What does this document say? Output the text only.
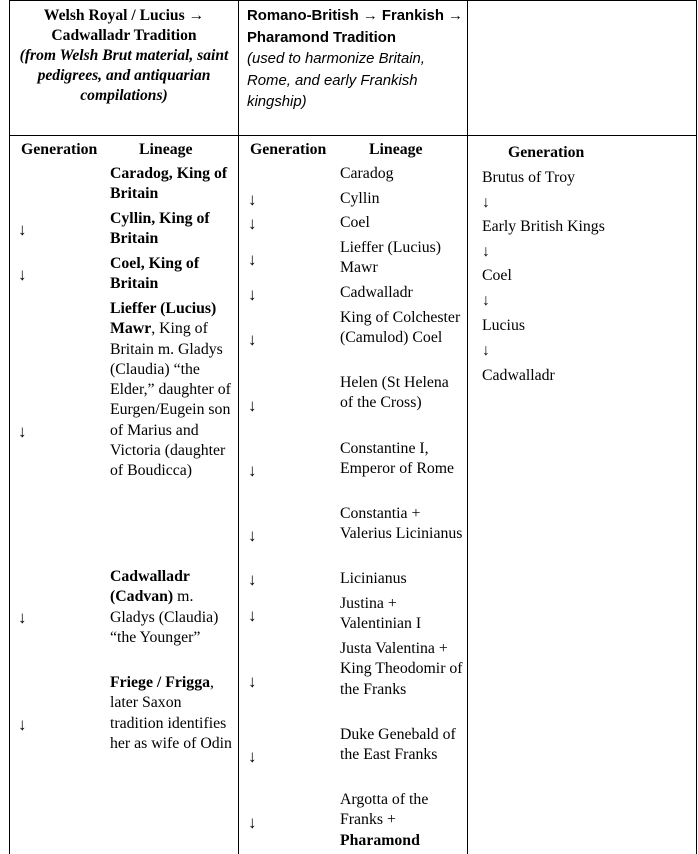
Welsh Royal / Lucius → Cadwalladr Tradition
(from Welsh Brut material, saint pedigrees, and antiquarian compilations)
Romano-British → Frankish → Pharamond Tradition
(used to harmonize Britain, Rome, and early Frankish kingship)
Generation	Lineage
Caradog, King of Britain
Cyllin, King of Britain
Coel, King of Britain
Lieffer (Lucius) Mawr, King of Britain m. Gladys (Claudia) “the Elder,” daughter of Eurgen/Eugein son of Marius and Victoria (daughter of Boudicca)
Cadwalladr (Cadvan) m. Gladys (Claudia) “the Younger”
Friege / Frigga, later Saxon tradition identifies her as wife of Odin
↓
↓
↓
↓
↓
Generation	Lineage
Caradog
Cyllin
Coel
Lieffer (Lucius) Mawr
Cadwalladr
King of Colchester (Camulod) Coel
Helen (St Helena of the Cross)
Constantine I, Emperor of Rome
Constantia + Valerius Licinianus
Licinianus
Justina + Valentinian I
Justa Valentina + King Theodomir of the Franks
Duke Genebald of the East Franks
Argotta of the Franks + Pharamond
↓
↓
↓
↓
↓
↓
↓
↓
↓
↓
↓
↓
↓
Generation
Brutus of Troy
↓
Early British Kings
↓
Coel
↓
Lucius
↓
Cadwalladr
